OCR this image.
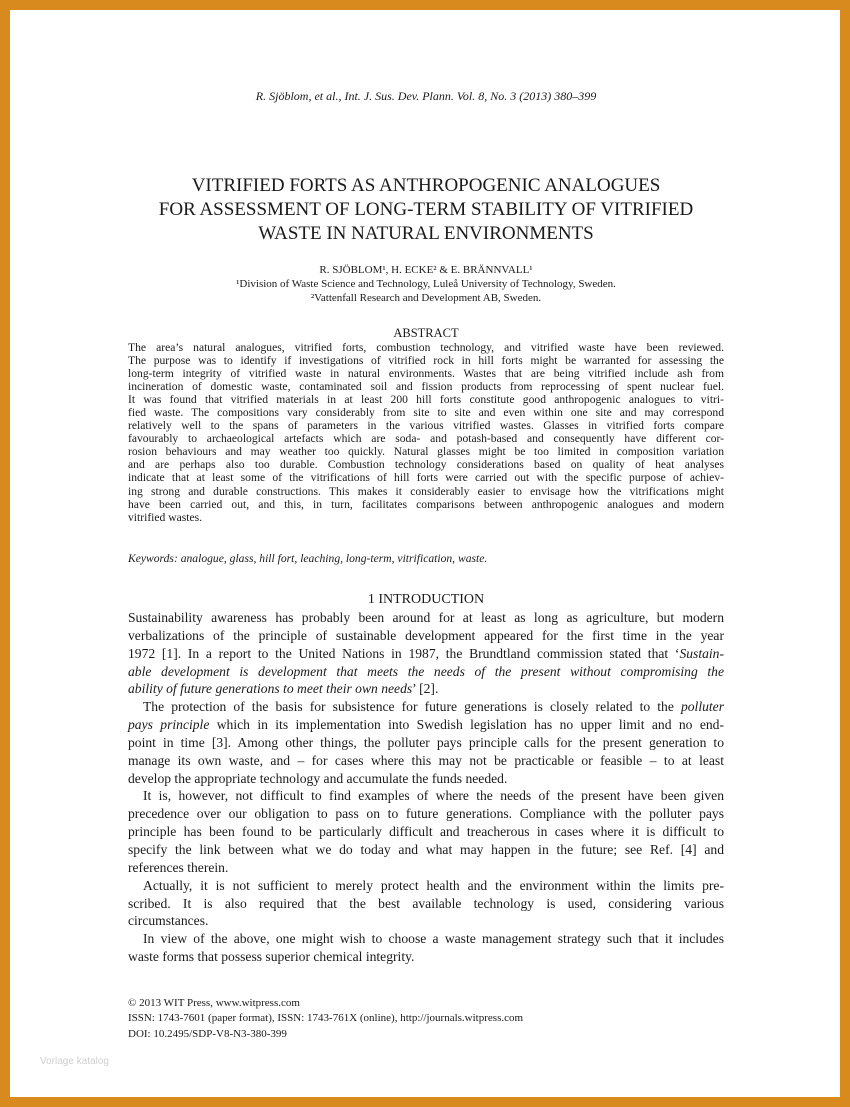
R. Sjöblom, et al., Int. J. Sus. Dev. Plann. Vol. 8, No. 3 (2013) 380–399
VITRIFIED FORTS AS ANTHROPOGENIC ANALOGUES
FOR ASSESSMENT OF LONG-TERM STABILITY OF VITRIFIED
WASTE IN NATURAL ENVIRONMENTS
R. SJÖBLOM¹, H. ECKE² & E. BRÄNNVALL¹
¹Division of Waste Science and Technology, Luleå University of Technology, Sweden.
²Vattenfall Research and Development AB, Sweden.
ABSTRACT
The area’s natural analogues, vitrified forts, combustion technology, and vitrified waste have been reviewed.
The purpose was to identify if investigations of vitrified rock in hill forts might be warranted for assessing the
long-term integrity of vitrified waste in natural environments. Wastes that are being vitrified include ash from
incineration of domestic waste, contaminated soil and fission products from reprocessing of spent nuclear fuel.
It was found that vitrified materials in at least 200 hill forts constitute good anthropogenic analogues to vitri-
fied waste. The compositions vary considerably from site to site and even within one site and may correspond
relatively well to the spans of parameters in the various vitrified wastes. Glasses in vitrified forts compare
favourably to archaeological artefacts which are soda- and potash-based and consequently have different cor-
rosion behaviours and may weather too quickly. Natural glasses might be too limited in composition variation
and are perhaps also too durable. Combustion technology considerations based on quality of heat analyses
indicate that at least some of the vitrifications of hill forts were carried out with the specific purpose of achiev-
ing strong and durable constructions. This makes it considerably easier to envisage how the vitrifications might
have been carried out, and this, in turn, facilitates comparisons between anthropogenic analogues and modern
vitrified wastes.
Keywords: analogue, glass, hill fort, leaching, long-term, vitrification, waste.
1 INTRODUCTION
Sustainability awareness has probably been around for at least as long as agriculture, but modern
verbalizations of the principle of sustainable development appeared for the first time in the year
1972 [1]. In a report to the United Nations in 1987, the Brundtland commission stated that ‘Sustain-
able development is development that meets the needs of the present without compromising the
ability of future generations to meet their own needs’ [2].
The protection of the basis for subsistence for future generations is closely related to the polluter
pays principle which in its implementation into Swedish legislation has no upper limit and no end-
point in time [3]. Among other things, the polluter pays principle calls for the present generation to
manage its own waste, and – for cases where this may not be practicable or feasible – to at least
develop the appropriate technology and accumulate the funds needed.
It is, however, not difficult to find examples of where the needs of the present have been given
precedence over our obligation to pass on to future generations. Compliance with the polluter pays
principle has been found to be particularly difficult and treacherous in cases where it is difficult to
specify the link between what we do today and what may happen in the future; see Ref. [4] and
references therein.
Actually, it is not sufficient to merely protect health and the environment within the limits pre-
scribed. It is also required that the best available technology is used, considering various
circumstances.
In view of the above, one might wish to choose a waste management strategy such that it includes
waste forms that possess superior chemical integrity.
© 2013 WIT Press, www.witpress.com
ISSN: 1743-7601 (paper format), ISSN: 1743-761X (online), http://journals.witpress.com
DOI: 10.2495/SDP-V8-N3-380-399
Vorlage katalog
